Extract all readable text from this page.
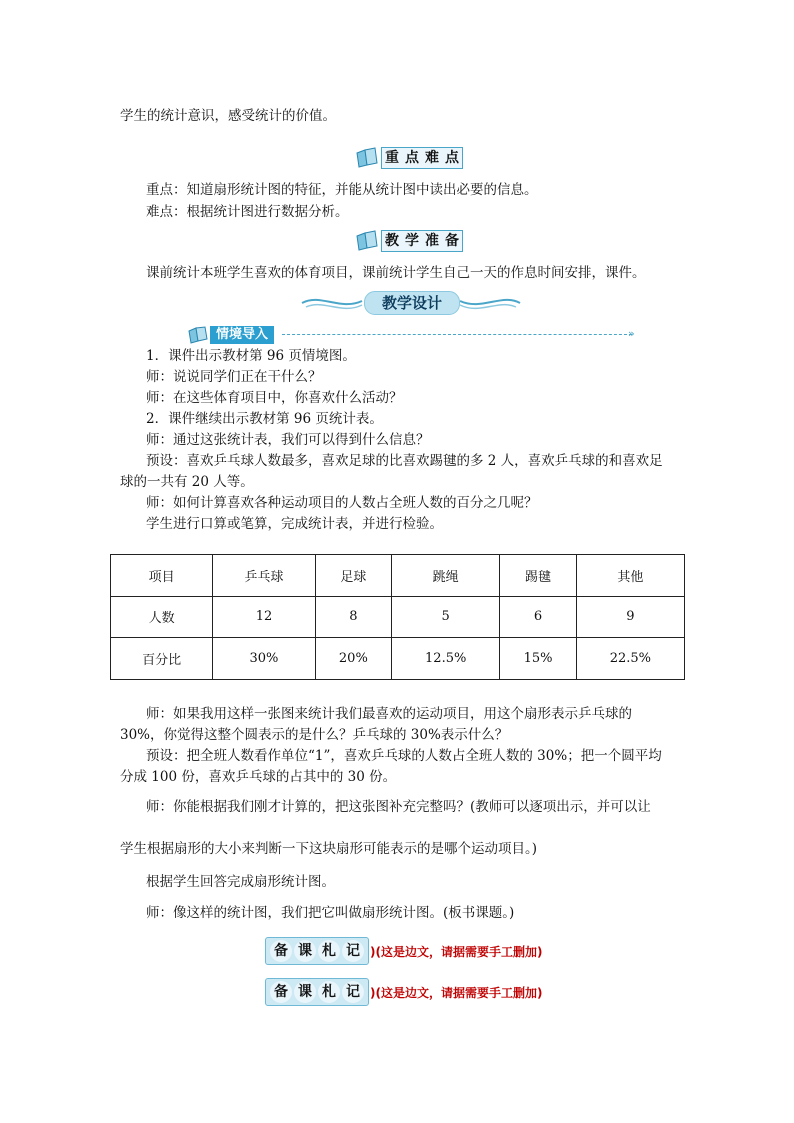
学生的统计意识，感受统计的价值。
重 点 难 点
重点：知道扇形统计图的特征，并能从统计图中读出必要的信息。
难点：根据统计图进行数据分析。
教 学 准 备
课前统计本班学生喜欢的体育项目，课前统计学生自己一天的作息时间安排，课件。
教学设计
情境导入	»
1．课件出示教材第 96 页情境图。
师：说说同学们正在干什么？
师：在这些体育项目中，你喜欢什么活动？
2．课件继续出示教材第 96 页统计表。
师：通过这张统计表，我们可以得到什么信息？
预设：喜欢乒乓球人数最多，喜欢足球的比喜欢踢毽的多 2 人，喜欢乒乓球的和喜欢足
球的一共有 20 人等。
师：如何计算喜欢各种运动项目的人数占全班人数的百分之几呢？
学生进行口算或笔算，完成统计表，并进行检验。
项目	乒乓球	足球	跳绳	踢毽	其他
人数	12	8	5	6	9
百分比	30%	20%	12.5%	15%	22.5%
师：如果我用这样一张图来统计我们最喜欢的运动项目，用这个扇形表示乒乓球的
30%，你觉得这整个圆表示的是什么？乒乓球的 30%表示什么？
预设：把全班人数看作单位“1”，喜欢乒乓球的人数占全班人数的 30%；把一个圆平均
分成 100 份，喜欢乒乓球的占其中的 30 份。
师：你能根据我们刚才计算的，把这张图补充完整吗？(教师可以逐项出示，并可以让
学生根据扇形的大小来判断一下这块扇形可能表示的是哪个运动项目。)
根据学生回答完成扇形统计图。
师：像这样的统计图，我们把它叫做扇形统计图。(板书课题。)
备 课 札 记 )(这是边文，请据需要手工删加)
备 课 札 记 )(这是边文，请据需要手工删加)
